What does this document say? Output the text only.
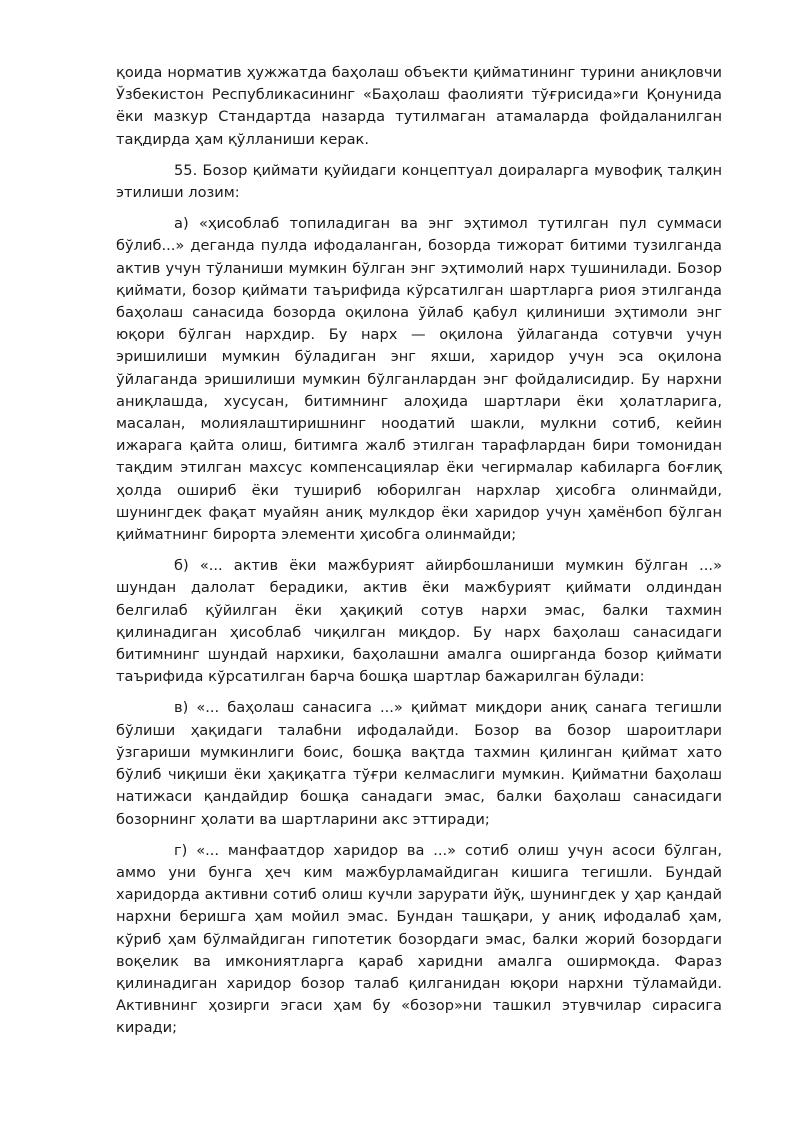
қоида норматив ҳужжатда баҳолаш объекти қийматининг турини аниқловчи Ўзбекистон Республикасининг «Баҳолаш фаолияти тўғрисида»ги Қонунида ёки мазкур Стандартда назарда тутилмаган атамаларда фойдаланилган тақдирда ҳам қўлланиши керак.

55. Бозор қиймати қуйидаги концептуал доираларга мувофиқ талқин этилиши лозим:

а) «ҳисоблаб топиладиган ва энг эҳтимол тутилган пул суммаси бўлиб...» деганда пулда ифодаланган, бозорда тижорат битими тузилганда актив учун тўланиши мумкин бўлган энг эҳтимолий нарх тушинилади. Бозор қиймати, бозор қиймати таърифида кўрсатилган шартларга риоя этилганда баҳолаш санасида бозорда оқилона ўйлаб қабул қилиниши эҳтимоли энг юқори бўлган нархдир. Бу нарх — оқилона ўйлаганда сотувчи учун эришилиши мумкин бўладиган энг яхши, харидор учун эса оқилона ўйлаганда эришилиши мумкин бўлганлардан энг фойдалисидир. Бу нархни аниқлашда, хусусан, битимнинг алоҳида шартлари ёки ҳолатларига, масалан, молиялаштиришнинг ноодатий шакли, мулкни сотиб, кейин ижарага қайта олиш, битимга жалб этилган тарафлардан бири томонидан тақдим этилган махсус компенсациялар ёки чегирмалар кабиларга боғлиқ ҳолда ошириб ёки тушириб юборилган нархлар ҳисобга олинмайди, шунингдек фақат муайян аниқ мулкдор ёки харидор учун ҳамёнбоп бўлган қийматнинг бирорта элементи ҳисобга олинмайди;

б) «... актив ёки мажбурият айирбошланиши мумкин бўлган ...» шундан далолат берадики, актив ёки мажбурият қиймати олдиндан белгилаб қўйилган ёки ҳақиқий сотув нархи эмас, балки тахмин қилинадиган ҳисоблаб чиқилган миқдор. Бу нарх баҳолаш санасидаги битимнинг шундай нархики, баҳолашни амалга оширганда бозор қиймати таърифида кўрсатилган барча бошқа шартлар бажарилган бўлади:

в) «... баҳолаш санасига ...» қиймат миқдори аниқ санага тегишли бўлиши ҳақидаги талабни ифодалайди. Бозор ва бозор шароитлари ўзгариши мумкинлиги боис, бошқа вақтда тахмин қилинган қиймат хато бўлиб чиқиши ёки ҳақиқатга тўғри келмаслиги мумкин. Қийматни баҳолаш натижаси қандайдир бошқа санадаги эмас, балки баҳолаш санасидаги бозорнинг ҳолати ва шартларини акс эттиради;

г) «... манфаатдор харидор ва ...» сотиб олиш учун асоси бўлган, аммо уни бунга ҳеч ким мажбурламайдиган кишига тегишли. Бундай харидорда активни сотиб олиш кучли зарурати йўқ, шунингдек у ҳар қандай нархни беришга ҳам мойил эмас. Бундан ташқари, у аниқ ифодалаб ҳам, кўриб ҳам бўлмайдиган гипотетик бозордаги эмас, балки жорий бозордаги воқелик ва имкониятларга қараб харидни амалга оширмоқда. Фараз қилинадиган харидор бозор талаб қилганидан юқори нархни тўламайди. Активнинг ҳозирги эгаси ҳам бу «бозор»ни ташкил этувчилар сирасига киради;
